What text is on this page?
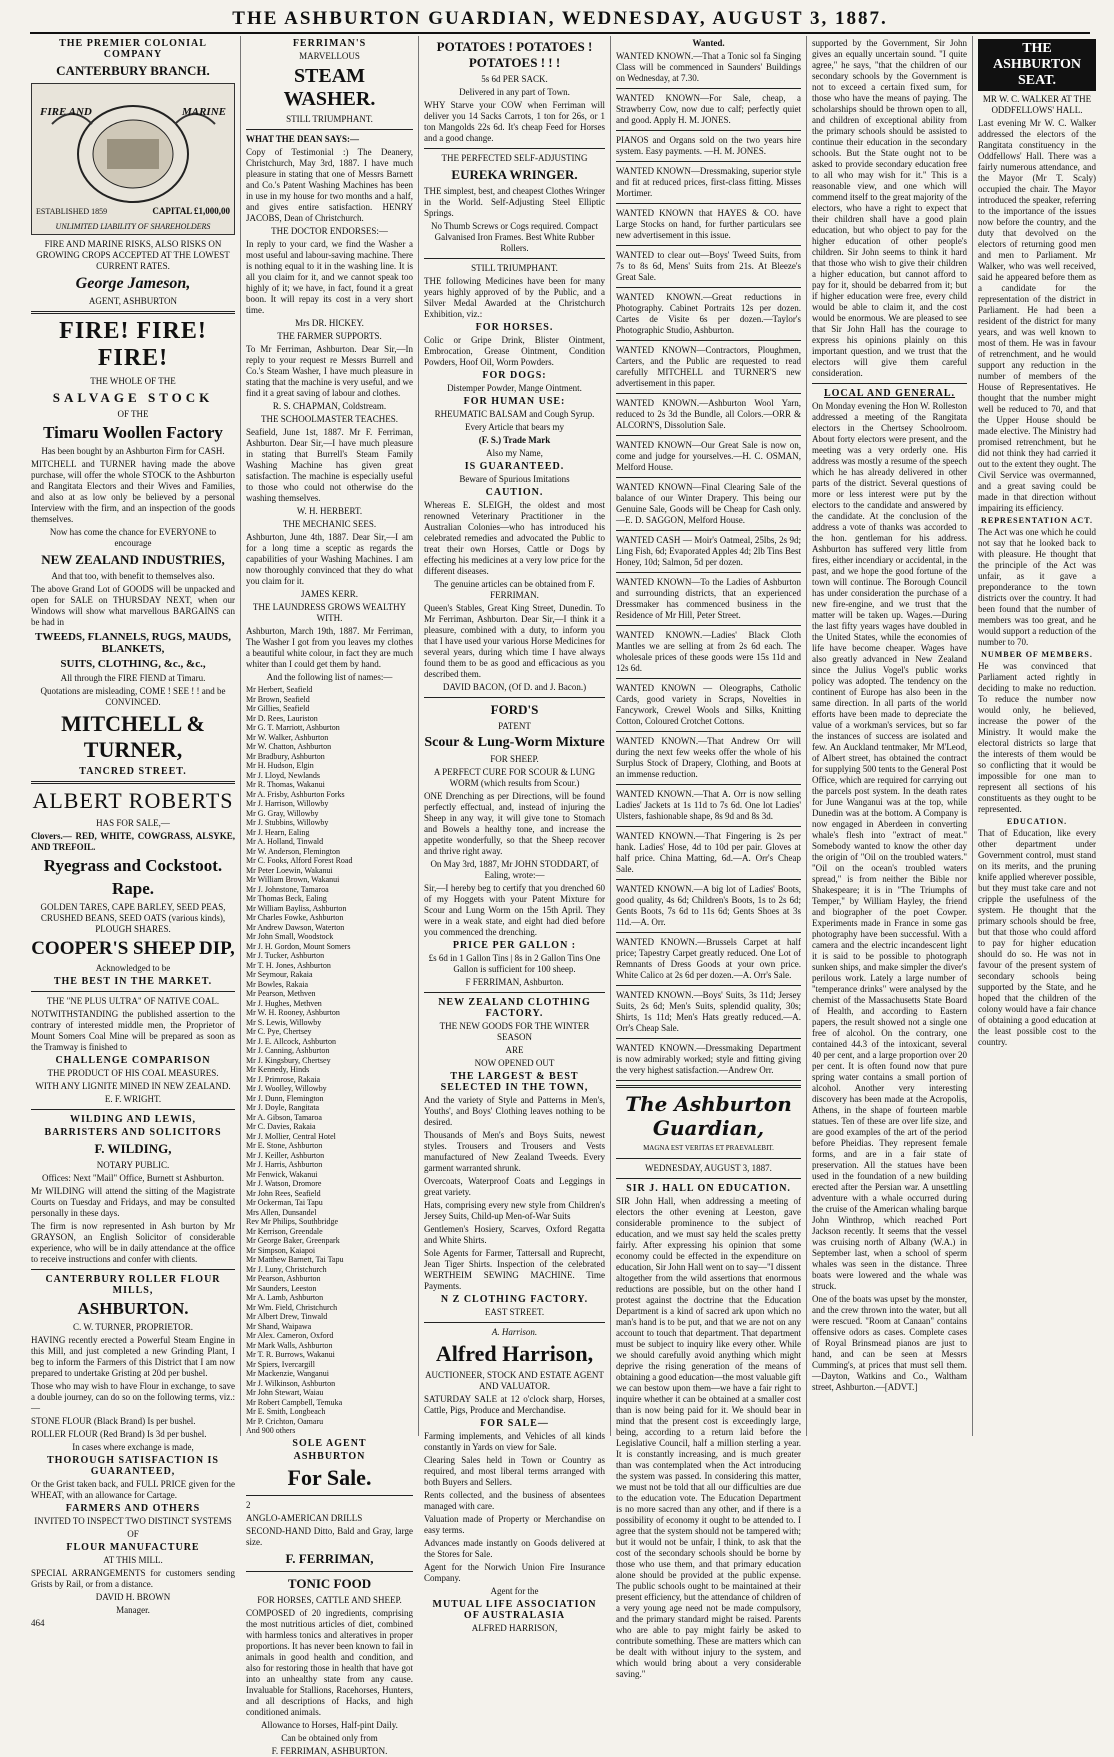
THE ASHBURTON GUARDIAN, WEDNESDAY, AUGUST 3, 1887.
THE PREMIER COLONIAL COMPANY
CANTERBURY BRANCH.
FIRE AND	MARINE
ESTABLISHED 1859	CAPITAL £1,000,00
UNLIMITED LIABILITY OF SHAREHOLDERS
FIRE AND MARINE RISKS, ALSO RISKS ON GROWING CROPS ACCEPTED AT THE LOWEST CURRENT RATES.
George Jameson,
AGENT, ASHBURTON
FIRE! FIRE! FIRE!
THE WHOLE OF THE
SALVAGE STOCK
OF THE
Timaru Woollen Factory
Has been bought by an Ashburton Firm for CASH.
MITCHELL and TURNER having made the above purchase, will offer the whole STOCK to the Ashburton and Rangitata Electors and their Wives and Families, and also at as low only be believed by a personal Interview with the firm, and an inspection of the goods themselves.
Now has come the chance for EVERYONE to encourage
NEW ZEALAND INDUSTRIES,
And that too, with benefit to themselves also.
The above Grand Lot of GOODS will be unpacked and open for SALE on THURSDAY NEXT, when our Windows will show what marvellous BARGAINS can be had in
TWEEDS, FLANNELS, RUGS, MAUDS, BLANKETS,
SUITS, CLOTHING, &c., &c.,
All through the FIRE FIEND at Timaru.
Quotations are misleading, COME ! SEE ! ! and be CONVINCED.
MITCHELL & TURNER,
TANCRED STREET.
ALBERT ROBERTS
HAS FOR SALE,—
Clovers.— RED, WHITE, COWGRASS, ALSYKE, AND TREFOIL.
Ryegrass and Cockstoot.
Rape.
GOLDEN TARES, CAPE BARLEY, SEED PEAS, CRUSHED BEANS, SEED OATS (various kinds), PLOUGH SHARES.
COOPER'S SHEEP DIP,
Acknowledged to be
THE BEST IN THE MARKET.
THE "NE PLUS ULTRA" OF NATIVE COAL.
NOTWITHSTANDING the published assertion to the contrary of interested middle men, the Proprietor of Mount Somers Coal Mine will be prepared as soon as the Tramway is finished to
CHALLENGE COMPARISON
THE PRODUCT OF HIS COAL MEASURES.
WITH ANY LIGNITE MINED IN NEW ZEALAND.
E. F. WRIGHT.
WILDING AND LEWIS,
BARRISTERS AND SOLICITORS
F. WILDING,
NOTARY PUBLIC.
Offices: Next "Mail" Office, Burnett st Ashburton.
Mr WILDING will attend the sitting of the Magistrate Courts on Tuesday and Fridays, and may be consulted personally in these days.
The firm is now represented in Ash burton by Mr GRAYSON, an English Solicitor of considerable experience, who will be in daily attendance at the office to receive instructions and confer with clients.
CANTERBURY ROLLER FLOUR MILLS,
ASHBURTON.
C. W. TURNER, PROPRIETOR.
HAVING recently erected a Powerful Steam Engine in this Mill, and just completed a new Grinding Plant, I beg to inform the Farmers of this District that I am now prepared to undertake Gristing at 20d per bushel.
Those who may wish to have Flour in exchange, to save a double journey, can do so on the following terms, viz.:—
STONE FLOUR (Black Brand) Is per bushel.
ROLLER FLOUR (Red Brand) Is 3d per bushel.
In cases where exchange is made,
THOROUGH SATISFACTION IS GUARANTEED,
Or the Grist taken back, and FULL PRICE given for the WHEAT, with an allowance for Cartage.
FARMERS AND OTHERS
INVITED TO INSPECT TWO DISTINCT SYSTEMS
OF
FLOUR MANUFACTURE
AT THIS MILL.
SPECIAL ARRANGEMENTS for customers sending Grists by Rail, or from a distance.
DAVID H. BROWN
Manager.
464
FERRIMAN'S
MARVELLOUS
STEAM WASHER.
STILL TRIUMPHANT.
WHAT THE DEAN SAYS:—
Copy of Testimonial :) The Deanery, Christchurch, May 3rd, 1887. I have much pleasure in stating that one of Messrs Barnett and Co.'s Patent Washing Machines has been in use in my house for two months and a half, and gives entire satisfaction. HENRY JACOBS, Dean of Christchurch.
THE DOCTOR ENDORSES:—
In reply to your card, we find the Washer a most useful and labour-saving machine. There is nothing equal to it in the washing line. It is all you claim for it, and we cannot speak too highly of it; we have, in fact, found it a great boon. It will repay its cost in a very short time.
Mrs DR. HICKEY.
THE FARMER SUPPORTS.
To Mr Ferriman, Ashburton. Dear Sir,—In reply to your request re Messrs Burrell and Co.'s Steam Washer, I have much pleasure in stating that the machine is very useful, and we find it a great saving of labour and clothes.
R. S. CHAPMAN, Coldstream.
THE SCHOOLMASTER TEACHES.
Seafield, June 1st, 1887. Mr F. Ferriman, Ashburton. Dear Sir,—I have much pleasure in stating that Burrell's Steam Family Washing Machine has given great satisfaction. The machine is especially useful to those who could not otherwise do the washing themselves.
W. H. HERBERT.
THE MECHANIC SEES.
Ashburton, June 4th, 1887. Dear Sir,—I am for a long time a sceptic as regards the capabilities of your Washing Machines. I am now thoroughly convinced that they do what you claim for it.
JAMES KERR.
THE LAUNDRESS GROWS WEALTHY WITH.
Ashburton, March 19th, 1887. Mr Ferriman, The Washer I got from you leaves my clothes a beautiful white colour, in fact they are much whiter than I could get them by hand.
And the following list of names:—
Mr Herbert, Seafield
Mr Brown, Seafield
Mr Gillies, Seafield
Mr D. Rees, Lauriston
Mr G. T. Marriott, Ashburton
Mr W. Walker, Ashburton
Mr W. Chatton, Ashburton
Mr Bradbury, Ashburton
Mr H. Hudson, Elgin
Mr J. Lloyd, Newlands
Mr R. Thomas, Wakanui
Mr A. Frisby, Ashburton Forks
Mr J. Harrison, Willowby
Mr G. Gray, Willowby
Mr J. Stubbins, Willowby
Mr J. Hearn, Ealing
Mr A. Holland, Tinwald
Mr W. Anderson, Flemington
Mr C. Fooks, Alford Forest Road
Mr Peter Loewin, Wakanui
Mr William Brown, Wakanui
Mr J. Johnstone, Tamaroa
Mr Thomas Beck, Ealing
Mr William Bayliss, Ashburton
Mr Charles Fowke, Ashburton
Mr Andrew Dawson, Waterton
Mr John Small, Woodstock
Mr J. H. Gordon, Mount Somers
Mr J. Tucker, Ashburton
Mr T. H. Jones, Ashburton
Mr Seymour, Rakaia
Mr Bowles, Rakaia
Mr Pearson, Methven
Mr J. Hughes, Methven
Mr W. H. Rooney, Ashburton
Mr S. Lewis, Willowby
Mr C. Pye, Chertsey
Mr J. E. Allcock, Ashburton
Mr J. Canning, Ashburton
Mr J. Kingsbury, Chertsey
Mr Kennedy, Hinds
Mr J. Primrose, Rakaia
Mr J. Woolley, Willowby
Mr J. Dunn, Flemington
Mr J. Doyle, Rangitata
Mr A. Gibson, Tamaroa
Mr C. Davies, Rakaia
Mr J. Mollier, Central Hotel
Mr E. Stone, Ashburton
Mr J. Keiller, Ashburton
Mr J. Harris, Ashburton
Mr Fenwick, Wakanui
Mr J. Watson, Dromore
Mr John Rees, Seafield
Mr Ockerman, Tai Tapu
Mrs Allen, Dunsandel
Rev Mr Philips, Southbridge
Mr Kerrison, Greendale
Mr George Baker, Greenpark
Mr Simpson, Kaiapoi
Mr Matthew Barnett, Tai Tapu
Mr J. Luny, Christchurch
Mr Pearson, Ashburton
Mr Saunders, Leeston
Mr A. Lamb, Ashburton
Mr Wm. Field, Christchurch
Mr Albert Drew, Tinwald
Mr Shand, Waipawa
Mr Alex. Cameron, Oxford
Mr Mark Walls, Ashburton
Mr T. R. Burrows, Wakanui
Mr Spiers, Ivercargill
Mr Mackenzie, Wanganui
Mr J. Wilkinson, Ashburton
Mr John Stewart, Waiau
Mr Robert Campbell, Temuka
Mr E. Smith, Longbeach
Mr P. Crichton, Oamaru
And 900 others
SOLE AGENT
ASHBURTON
For Sale.
2
ANGLO-AMERICAN DRILLS
SECOND-HAND Ditto, Bald and Gray, large size.
F. FERRIMAN,
TONIC FOOD
FOR HORSES, CATTLE AND SHEEP.
COMPOSED of 20 ingredients, comprising the most nutritious articles of diet, combined with harmless tonics and alteratives in proper proportions. It has never been known to fail in animals in good health and condition, and also for restoring those in health that have got into an unhealthy state from any cause. Invaluable for Stallions, Racehorses, Hunters, and all descriptions of Hacks, and high conditioned animals.
Allowance to Horses, Half-pint Daily.
Can be obtained only from
F. FERRIMAN, ASHBURTON.
POTATOES ! POTATOES ! POTATOES ! ! !
5s 6d PER SACK.
Delivered in any part of Town.
WHY Starve your COW when Ferriman will deliver you 14 Sacks Carrots, 1 ton for 26s, or 1 ton Mangolds 22s 6d. It's cheap Feed for Horses and a good change.
THE PERFECTED SELF-ADJUSTING
EUREKA WRINGER.
THE simplest, best, and cheapest Clothes Wringer in the World. Self-Adjusting Steel Elliptic Springs.
No Thumb Screws or Cogs required. Compact Galvanised Iron Frames. Best White Rubber Rollers.
STILL TRIUMPHANT.
THE following Medicines have been for many years highly approved of by the Public, and a Silver Medal Awarded at the Christchurch Exhibition, viz.:
FOR HORSES.
Colic or Gripe Drink, Blister Ointment, Embrocation, Grease Ointment, Condition Powders, Hoof Oil, Worm Powders.
FOR DOGS:
Distemper Powder, Mange Ointment.
FOR HUMAN USE:
RHEUMATIC BALSAM and Cough Syrup.
Every Article that bears my
(F. S.) Trade Mark
Also my Name,
IS GUARANTEED.
Beware of Spurious Imitations
CAUTION.
Whereas E. SLEIGH, the oldest and most renowned Veterinary Practitioner in the Australian Colonies—who has introduced his celebrated remedies and advocated the Public to treat their own Horses, Cattle or Dogs by effecting his medicines at a very low price for the different diseases.
The genuine articles can be obtained from F. FERRIMAN.
Queen's Stables, Great King Street, Dunedin. To Mr Ferriman, Ashburton. Dear Sir,—I think it a pleasure, combined with a duty, to inform you that I have used your various Horse Medicines for several years, during which time I have always found them to be as good and efficacious as you described them.
DAVID BACON, (Of D. and J. Bacon.)
FORD'S
PATENT
Scour & Lung-Worm Mixture
FOR SHEEP.
A PERFECT CURE FOR SCOUR & LUNG WORM (which results from Scour.)
ONE Drenching as per Directions, will be found perfectly effectual, and, instead of injuring the Sheep in any way, it will give tone to Stomach and Bowels a healthy tone, and increase the appetite wonderfully, so that the Sheep recover and thrive right away.
On May 3rd, 1887, Mr JOHN STODDART, of Ealing, wrote:—
Sir,—I hereby beg to certify that you drenched 60 of my Hoggets with your Patent Mixture for Scour and Lung Worm on the 15th April. They were in a weak state, and eight had died before you commenced the drenching.
PRICE PER GALLON :
£s 6d in 1 Gallon Tins | 8s in 2 Gallon Tins One Gallon is sufficient for 100 sheep.
F FERRIMAN, Ashburton.
NEW ZEALAND CLOTHING FACTORY.
THE NEW GOODS FOR THE WINTER SEASON
ARE
NOW OPENED OUT
THE LARGEST & BEST SELECTED IN THE TOWN,
And the variety of Style and Patterns in Men's, Youths', and Boys' Clothing leaves nothing to be desired.
Thousands of Men's and Boys Suits, newest styles. Trousers and Trousers and Vests manufactured of New Zealand Tweeds. Every garment warranted shrunk.
Overcoats, Waterproof Coats and Leggings in great variety.
Hats, comprising every new style from Children's Jersey Suits, Child-up Men-of-War Suits
Gentlemen's Hosiery, Scarves, Oxford Regatta and White Shirts.
Sole Agents for Farmer, Tattersall and Ruprecht, Jean Tiger Shirts. Inspection of the celebrated WERTHEIM SEWING MACHINE. Time Payments.
N Z CLOTHING FACTORY.
EAST STREET.
A. Harrison.
Alfred Harrison,
AUCTIONEER, STOCK AND ESTATE AGENT AND VALUATOR.
SATURDAY SALE at 12 o'clock sharp, Horses, Cattle, Pigs, Produce and Merchandise.
FOR SALE—
Farming implements, and Vehicles of all kinds constantly in Yards on view for Sale.
Clearing Sales held in Town or Country as required, and most liberal terms arranged with both Buyers and Sellers.
Rents collected, and the business of absentees managed with care.
Valuation made of Property or Merchandise on easy terms.
Advances made instantly on Goods delivered at the Stores for Sale.
Agent for the Norwich Union Fire Insurance Company.
Agent for the
MUTUAL LIFE ASSOCIATION OF AUSTRALASIA
ALFRED HARRISON,
Wanted.
WANTED KNOWN.—That a Tonic sol fa Singing Class will be commenced in Saunders' Buildings on Wednesday, at 7.30.
WANTED KNOWN—For Sale, cheap, a Strawberry Cow, now due to calf; perfectly quiet and good. Apply H. M. JONES.
PIANOS and Organs sold on the two years hire system. Easy payments. —H. M. JONES.
WANTED KNOWN—Dressmaking, superior style and fit at reduced prices, first-class fitting. Misses Mortimer.
WANTED KNOWN that HAYES & CO. have Large Stocks on hand, for further particulars see new advertisement in this issue.
WANTED to clear out—Boys' Tweed Suits, from 7s to 8s 6d, Mens' Suits from 21s. At Bleeze's Great Sale.
WANTED KNOWN.—Great reductions in Photography. Cabinet Portraits 12s per dozen. Cartes de Visite 6s per dozen.—Taylor's Photographic Studio, Ashburton.
WANTED KNOWN—Contractors, Ploughmen, Carters, and the Public are requested to read carefully MITCHELL and TURNER'S new advertisement in this paper.
WANTED KNOWN.—Ashburton Wool Yarn, reduced to 2s 3d the Bundle, all Colors.—ORR & ALCORN'S, Dissolution Sale.
WANTED KNOWN—Our Great Sale is now on, come and judge for yourselves.—H. C. OSMAN, Melford House.
WANTED KNOWN—Final Clearing Sale of the balance of our Winter Drapery. This being our Genuine Sale, Goods will be Cheap for Cash only.—E. D. SAGGON, Melford House.
WANTED CASH — Moir's Oatmeal, 25lbs, 2s 9d; Ling Fish, 6d; Evaporated Apples 4d; 2lb Tins Best Honey, 10d; Salmon, 5d per dozen.
WANTED KNOWN—To the Ladies of Ashburton and surrounding districts, that an experienced Dressmaker has commenced business in the Residence of Mr Hill, Peter Street.
WANTED KNOWN.—Ladies' Black Cloth Mantles we are selling at from 2s 6d each. The wholesale prices of these goods were 15s 11d and 12s 6d.
WANTED KNOWN — Oleographs, Catholic Cards, good variety in Scraps, Novelties in Fancywork, Crewel Wools and Silks, Knitting Cotton, Coloured Crotchet Cottons.
WANTED KNOWN.—That Andrew Orr will during the next few weeks offer the whole of his Surplus Stock of Drapery, Clothing, and Boots at an immense reduction.
WANTED KNOWN.—That A. Orr is now selling Ladies' Jackets at 1s 11d to 7s 6d. One lot Ladies' Ulsters, fashionable shape, 8s 9d and 8s 3d.
WANTED KNOWN.—That Fingering is 2s per hank. Ladies' Hose, 4d to 10d per pair. Gloves at half price. China Matting, 6d.—A. Orr's Cheap Sale.
WANTED KNOWN.—A big lot of Ladies' Boots, good quality, 4s 6d; Children's Boots, 1s to 2s 6d; Gents Boots, 7s 6d to 11s 6d; Gents Shoes at 3s 11d.—A. Orr.
WANTED KNOWN.—Brussels Carpet at half price; Tapestry Carpet greatly reduced. One Lot of Remnants of Dress Goods at your own price. White Calico at 2s 6d per dozen.—A. Orr's Sale.
WANTED KNOWN.—Boys' Suits, 3s 11d; Jersey Suits, 2s 6d; Men's Suits, splendid quality, 30s; Shirts, 1s 11d; Men's Hats greatly reduced.—A. Orr's Cheap Sale.
WANTED KNOWN.—Dressmaking Department is now admirably worked; style and fitting giving the very highest satisfaction.—Andrew Orr.
The Ashburton Guardian,
MAGNA EST VERITAS ET PRAEVALEBIT.
WEDNESDAY, AUGUST 3, 1887.
SIR J. HALL ON EDUCATION.
SIR John Hall, when addressing a meeting of electors the other evening at Leeston, gave considerable prominence to the subject of education, and we must say held the scales pretty fairly. After expressing his opinion that some economy could be effected in the expenditure on education, Sir John Hall went on to say—"I dissent altogether from the wild assertions that enormous reductions are possible, but on the other hand I protest against the doctrine that the Education Department is a kind of sacred ark upon which no man's hand is to be put, and that we are not on any account to touch that department. That department must be subject to inquiry like every other. While we should carefully avoid anything which might deprive the rising generation of the means of obtaining a good education—the most valuable gift we can bestow upon them—we have a fair right to inquire whether it can be obtained at a smaller cost than is now being paid for it. We should bear in mind that the present cost is exceedingly large, being, according to a return laid before the Legislative Council, half a million sterling a year. It is constantly increasing, and is much greater than was contemplated when the Act introducing the system was passed. In considering this matter, we must not be told that all our difficulties are due to the education vote. The Education Department is no more sacred than any other, and if there is a possibility of economy it ought to be attended to. I agree that the system should not be tampered with; but it would not be unfair, I think, to ask that the cost of the secondary schools should be borne by those who use them, and that primary education alone should be provided at the public expense. The public schools ought to be maintained at their present efficiency, but the attendance of children of a very young age need not be made compulsory, and the primary standard might be raised. Parents who are able to pay might fairly be asked to contribute something. These are matters which can be dealt with without injury to the system, and which would bring about a very considerable saving."
supported by the Government, Sir John gives an equally uncertain sound. "I quite agree," he says, "that the children of our secondary schools by the Government is not to exceed a certain fixed sum, for those who have the means of paying. The scholarships should be thrown open to all, and children of exceptional ability from the primary schools should be assisted to continue their education in the secondary schools. But the State ought not to be asked to provide secondary education free to all who may wish for it." This is a reasonable view, and one which will commend itself to the great majority of the electors, who have a right to expect that their children shall have a good plain education, but who object to pay for the higher education of other people's children. Sir John seems to think it hard that those who wish to give their children a higher education, but cannot afford to pay for it, should be debarred from it; but if higher education were free, every child would be able to claim it, and the cost would be enormous. We are pleased to see that Sir John Hall has the courage to express his opinions plainly on this important question, and we trust that the electors will give them careful consideration.
LOCAL AND GENERAL.
On Monday evening the Hon W. Rolleston addressed a meeting of the Rangitata electors in the Chertsey Schoolroom. About forty electors were present, and the meeting was a very orderly one. His address was mostly a resume of the speech which he has already delivered in other parts of the district. Several questions of more or less interest were put by the electors to the candidate and answered by the candidate. At the conclusion of the address a vote of thanks was accorded to the hon. gentleman for his address. Ashburton has suffered very little from fires, either incendiary or accidental, in the past, and we hope the good fortune of the town will continue. The Borough Council has under consideration the purchase of a new fire-engine, and we trust that the matter will be taken up. Wages.—During the last fifty years wages have doubled in the United States, while the economies of life have become cheaper. Wages have also greatly advanced in New Zealand since the Julius Vogel's public works policy was adopted. The tendency on the continent of Europe has also been in the same direction. In all parts of the world efforts have been made to depreciate the value of a workman's services, but so far the instances of success are isolated and few. An Auckland tentmaker, Mr M'Leod, of Albert street, has obtained the contract for supplying 500 tents to the General Post Office, which are required for carrying out the parcels post system. In the death rates for June Wanganui was at the top, while Dunedin was at the bottom. A Company is now engaged in Aberdeen in converting whale's flesh into "extract of meat." Somebody wanted to know the other day the origin of "Oil on the troubled waters." "Oil on the ocean's troubled waters spread," is from neither the Bible nor Shakespeare; it is in "The Triumphs of Temper," by William Hayley, the friend and biographer of the poet Cowper. Experiments made in France in some gas photography have been successful. With a camera and the electric incandescent light it is said to be possible to photograph sunken ships, and make simpler the diver's perilous work. Lately a large number of "temperance drinks" were analysed by the chemist of the Massachusetts State Board of Health, and according to Eastern papers, the result showed not a single one free of alcohol. On the contrary, one contained 44.3 of the intoxicant, several 40 per cent, and a large proportion over 20 per cent. It is often found now that pure spring water contains a small portion of alcohol. Another very interesting discovery has been made at the Acropolis, Athens, in the shape of fourteen marble statues. Ten of these are over life size, and are good examples of the art of the period before Pheidias. They represent female forms, and are in a fair state of preservation. All the statues have been used in the foundation of a new building erected after the Persian war. A unsettling adventure with a whale occurred during the cruise of the American whaling barque John Winthrop, which reached Port Jackson recently. It seems that the vessel was cruising north of Albany (W.A.) in September last, when a school of sperm whales was seen in the distance. Three boats were lowered and the whale was struck.
One of the boats was upset by the monster, and the crew thrown into the water, but all were rescued. "Room at Canaan" contains offensive odors as cases. Complete cases of Royal Brinsmead pianos are just to hand, and can be seen at Messrs Cumming's, at prices that must sell them.—Dayton, Watkins and Co., Waltham street, Ashburton.—[ADVT.]
THE ASHBURTON SEAT.
MR W. C. WALKER AT THE ODDFELLOWS' HALL.
Last evening Mr W. C. Walker addressed the electors of the Rangitata constituency in the Oddfellows' Hall. There was a fairly numerous attendance, and the Mayor (Mr T. Scaly) occupied the chair. The Mayor introduced the speaker, referring to the importance of the issues now before the country, and the duty that devolved on the electors of returning good men and men to Parliament. Mr Walker, who was well received, said he appeared before them as a candidate for the representation of the district in Parliament. He had been a resident of the district for many years, and was well known to most of them. He was in favour of retrenchment, and he would support any reduction in the number of members of the House of Representatives. He thought that the number might well be reduced to 70, and that the Upper House should be made elective. The Ministry had promised retrenchment, but he did not think they had carried it out to the extent they ought. The Civil Service was overmanned, and a great saving could be made in that direction without impairing its efficiency.
REPRESENTATION ACT.
The Act was one which he could not say that he looked back to with pleasure. He thought that the principle of the Act was unfair, as it gave a preponderance to the town districts over the country. It had been found that the number of members was too great, and he would support a reduction of the number to 70.
NUMBER OF MEMBERS.
He was convinced that Parliament acted rightly in deciding to make no reduction. To reduce the number now would only, he believed, increase the power of the Ministry. It would make the electoral districts so large that the interests of them would be so conflicting that it would be impossible for one man to represent all sections of his constituents as they ought to be represented.
EDUCATION.
That of Education, like every other department under Government control, must stand on its merits, and the pruning knife applied wherever possible, but they must take care and not cripple the usefulness of the system. He thought that the primary schools should be free, but that those who could afford to pay for higher education should do so. He was not in favour of the present system of secondary schools being supported by the State, and he hoped that the children of the colony would have a fair chance of obtaining a good education at the least possible cost to the country.
